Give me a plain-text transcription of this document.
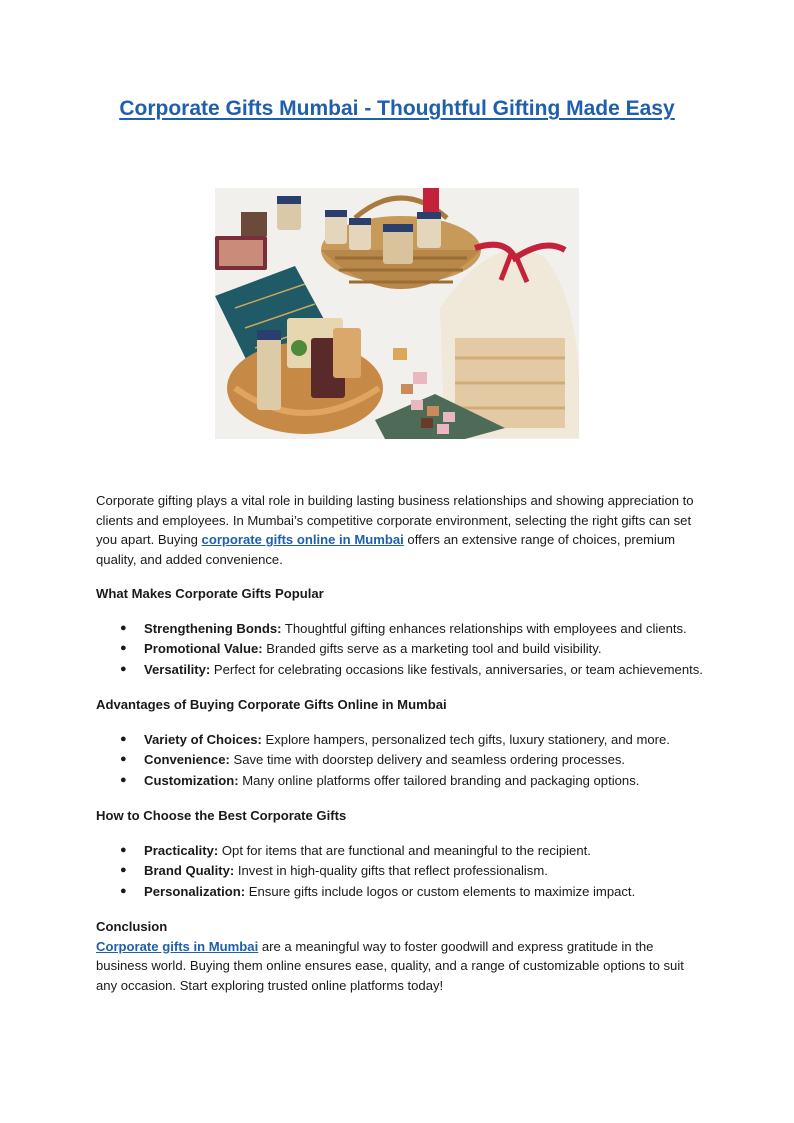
Corporate Gifts Mumbai - Thoughtful Gifting Made Easy

Corporate gifting plays a vital role in building lasting business relationships and showing appreciation to clients and employees. In Mumbai’s competitive corporate environment, selecting the right gifts can set you apart. Buying corporate gifts online in Mumbai offers an extensive range of choices, premium quality, and added convenience.

What Makes Corporate Gifts Popular

● Strengthening Bonds: Thoughtful gifting enhances relationships with employees and clients.
● Promotional Value: Branded gifts serve as a marketing tool and build visibility.
● Versatility: Perfect for celebrating occasions like festivals, anniversaries, or team achievements.

Advantages of Buying Corporate Gifts Online in Mumbai

● Variety of Choices: Explore hampers, personalized tech gifts, luxury stationery, and more.
● Convenience: Save time with doorstep delivery and seamless ordering processes.
● Customization: Many online platforms offer tailored branding and packaging options.

How to Choose the Best Corporate Gifts

● Practicality: Opt for items that are functional and meaningful to the recipient.
● Brand Quality: Invest in high-quality gifts that reflect professionalism.
● Personalization: Ensure gifts include logos or custom elements to maximize impact.

Conclusion

Corporate gifts in Mumbai are a meaningful way to foster goodwill and express gratitude in the business world. Buying them online ensures ease, quality, and a range of customizable options to suit any occasion. Start exploring trusted online platforms today!
